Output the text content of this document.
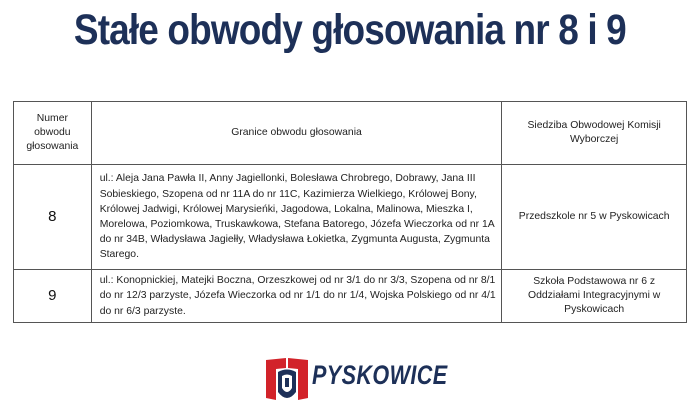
Stałe obwody głosowania nr 8 i 9
Numer obwodu głosowania	Granice obwodu głosowania	Siedziba Obwodowej Komisji Wyborczej
8	ul.: Aleja Jana Pawła II, Anny Jagiellonki, Bolesława Chrobrego, Dobrawy, Jana III Sobieskiego, Szopena od nr 11A do nr 11C, Kazimierza Wielkiego, Królowej Bony, Królowej Jadwigi, Królowej Marysieńki, Jagodowa, Lokalna, Malinowa, Mieszka I, Morelowa, Poziomkowa, Truskawkowa, Stefana Batorego, Józefa Wieczorka od nr 1A do nr 34B, Władysława Jagiełły, Władysława Łokietka, Zygmunta Augusta, Zygmunta Starego.	Przedszkole nr 5 w Pyskowicach
9	ul.: Konopnickiej, Matejki Boczna, Orzeszkowej od nr 3/1 do nr 3/3, Szopena od nr 8/1 do nr 12/3 parzyste, Józefa Wieczorka od nr 1/1 do nr 1/4, Wojska Polskiego od nr 4/1 do nr 6/3 parzyste.	Szkoła Podstawowa nr 6 z Oddziałami Integracyjnymi w Pyskowicach
PYSKOWICE
